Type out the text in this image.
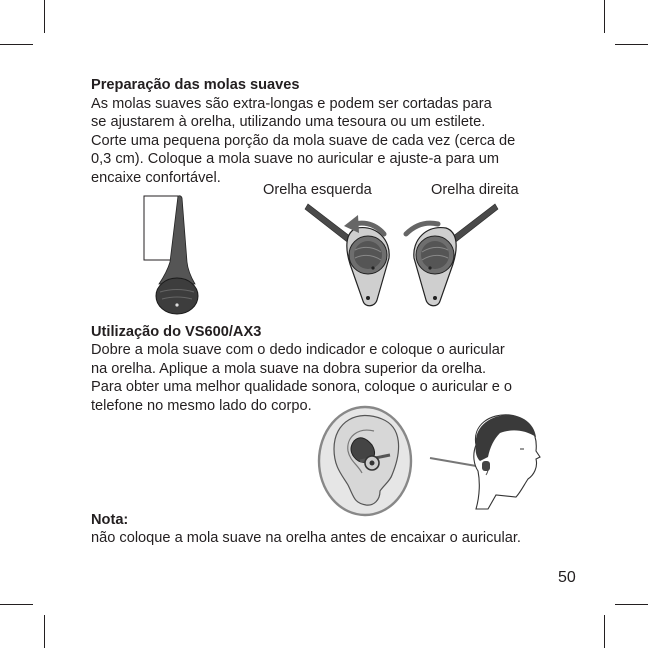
Preparação das molas suaves
As molas suaves são extra-longas e podem ser cortadas para
se ajustarem à orelha, utilizando uma tesoura ou um estilete.
Corte uma pequena porção da mola suave de cada vez (cerca de
0,3 cm). Coloque a mola suave no auricular e ajuste-a para um
encaixe confortável.
Orelha esquerda	Orelha direita
Utilização do VS600/AX3
Dobre a mola suave com o dedo indicador e coloque o auricular
na orelha. Aplique a mola suave na dobra superior da orelha.
Para obter uma melhor qualidade sonora, coloque o auricular e o
telefone no mesmo lado do corpo.
Nota:
não coloque a mola suave na orelha antes de encaixar o auricular.
50
